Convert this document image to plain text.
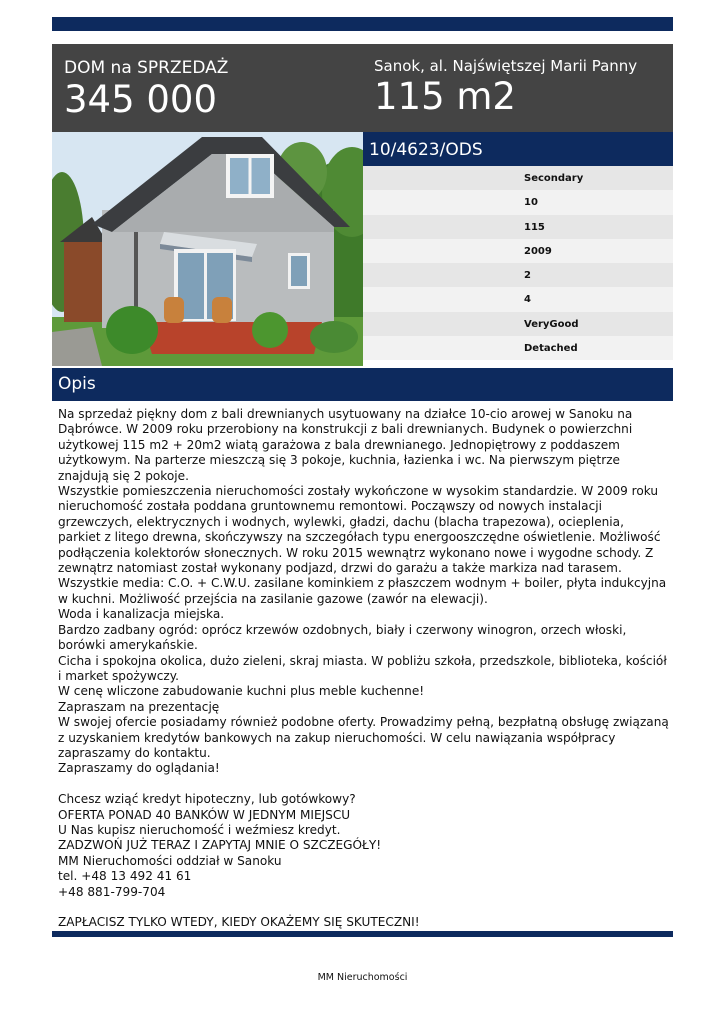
DOM na SPRZEDAŻ
345 000
Sanok, al. Najświętszej Marii Panny
115 m2
10/4623/ODS
Secondary
10
115
2009
2
4
VeryGood
Detached
Opis

Na sprzedaż piękny dom z bali drewnianych usytuowany na działce 10-cio arowej w Sanoku na Dąbrówce. W 2009 roku przerobiony na konstrukcji z bali drewnianych. Budynek o powierzchni użytkowej 115 m2 + 20m2 wiatą garażowa z bala drewnianego. Jednopiętrowy z poddaszem użytkowym. Na parterze mieszczą się 3 pokoje, kuchnia, łazienka i wc. Na pierwszym piętrze znajdują się 2 pokoje.

Wszystkie pomieszczenia nieruchomości zostały wykończone w wysokim standardzie. W 2009 roku nieruchomość została poddana gruntownemu remontowi. Począwszy od nowych instalacji grzewczych, elektrycznych i wodnych, wylewki, gładzi, dachu (blacha trapezowa), ocieplenia, parkiet z litego drewna, skończywszy na szczegółach typu energooszczędne oświetlenie. Możliwość podłączenia kolektorów słonecznych. W roku 2015 wewnątrz wykonano nowe i wygodne schody. Z zewnątrz natomiast został wykonany podjazd, drzwi do garażu a także markiza nad tarasem.

Wszystkie media: C.O. + C.W.U. zasilane kominkiem z płaszczem wodnym + boiler, płyta indukcyjna w kuchni. Możliwość przejścia na zasilanie gazowe (zawór na elewacji).

Woda i kanalizacja miejska.

Bardzo zadbany ogród: oprócz krzewów ozdobnych, biały i czerwony winogron, orzech włoski, borówki amerykańskie.

Cicha i spokojna okolica, dużo zieleni, skraj miasta. W pobliżu szkoła, przedszkole, biblioteka, kościół i market spożywczy.

W cenę wliczone zabudowanie kuchni plus meble kuchenne!

Zapraszam na prezentację

W swojej ofercie posiadamy również podobne oferty. Prowadzimy pełną, bezpłatną obsługę związaną z uzyskaniem kredytów bankowych na zakup nieruchomości. W celu nawiązania współpracy zapraszamy do kontaktu.

Zapraszamy do oglądania!

Chcesz wziąć kredyt hipoteczny, lub gotówkowy?

OFERTA PONAD 40 BANKÓW W JEDNYM MIEJSCU

U Nas kupisz nieruchomość i weźmiesz kredyt.

ZADZWOŃ JUŻ TERAZ I ZAPYTAJ MNIE O SZCZEGÓŁY!

MM Nieruchomości oddział w Sanoku

tel. +48 13 492 41 61

+48 881-799-704

ZAPŁACISZ TYLKO WTEDY, KIEDY OKAŻEMY SIĘ SKUTECZNI!

MM Nieruchomości
